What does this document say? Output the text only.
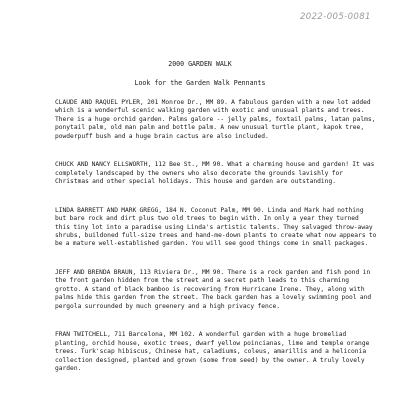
2022-005-0081
2000 GARDEN WALK
Look for the Garden Walk Pennants

CLAUDE AND RAQUEL PYLER, 201 Monroe Dr., MM 89. A fabulous garden with a new lot added which is a wonderful scenic walking garden with exotic and unusual plants and trees. There is a huge orchid garden. Palms galore -- jelly palms, foxtail palms, latan palms, ponytail palm, old man palm and bottle palm. A new unusual turtle plant, kapok tree, powderpuff bush and a huge brain cactus are also included.

CHUCK AND NANCY ELLSWORTH, 112 Bee St., MM 90. What a charming house and garden! It was completely landscaped by the owners who also decorate the grounds lavishly for Christmas and other special holidays. This house and garden are outstanding.

LINDA BARRETT AND MARK GREGG, 184 N. Coconut Palm, MM 90. Linda and Mark had nothing but bare rock and dirt plus two old trees to begin with. In only a year they turned this tiny lot into a paradise using Linda's artistic talents. They salvaged throw-away shrubs, buildoned full-size trees and hand-me-down plants to create what now appears to be a mature well-established garden. You will see good things come in small packages.

JEFF AND BRENDA BRAUN, 113 Riviera Dr., MM 90. There is a rock garden and fish pond in the front garden hidden from the street and a secret path leads to this charming grotto. A stand of black bamboo is recovering from Hurricane Irene. They, along with palms hide this garden from the street. The back garden has a lovely swimming pool and pergola surrounded by much greenery and a high privacy fence.

FRAN TWITCHELL, 711 Barcelona, MM 102. A wonderful garden with a huge bromeliad planting, orchid house, exotic trees, dwarf yellow poincianas, lime and temple orange trees. Turk'scap hibiscus, Chinese hat, caladiums, coleus, amarillis and a heliconia collection designed, planted and grown (some from seed) by the owner. A truly lovely garden.
